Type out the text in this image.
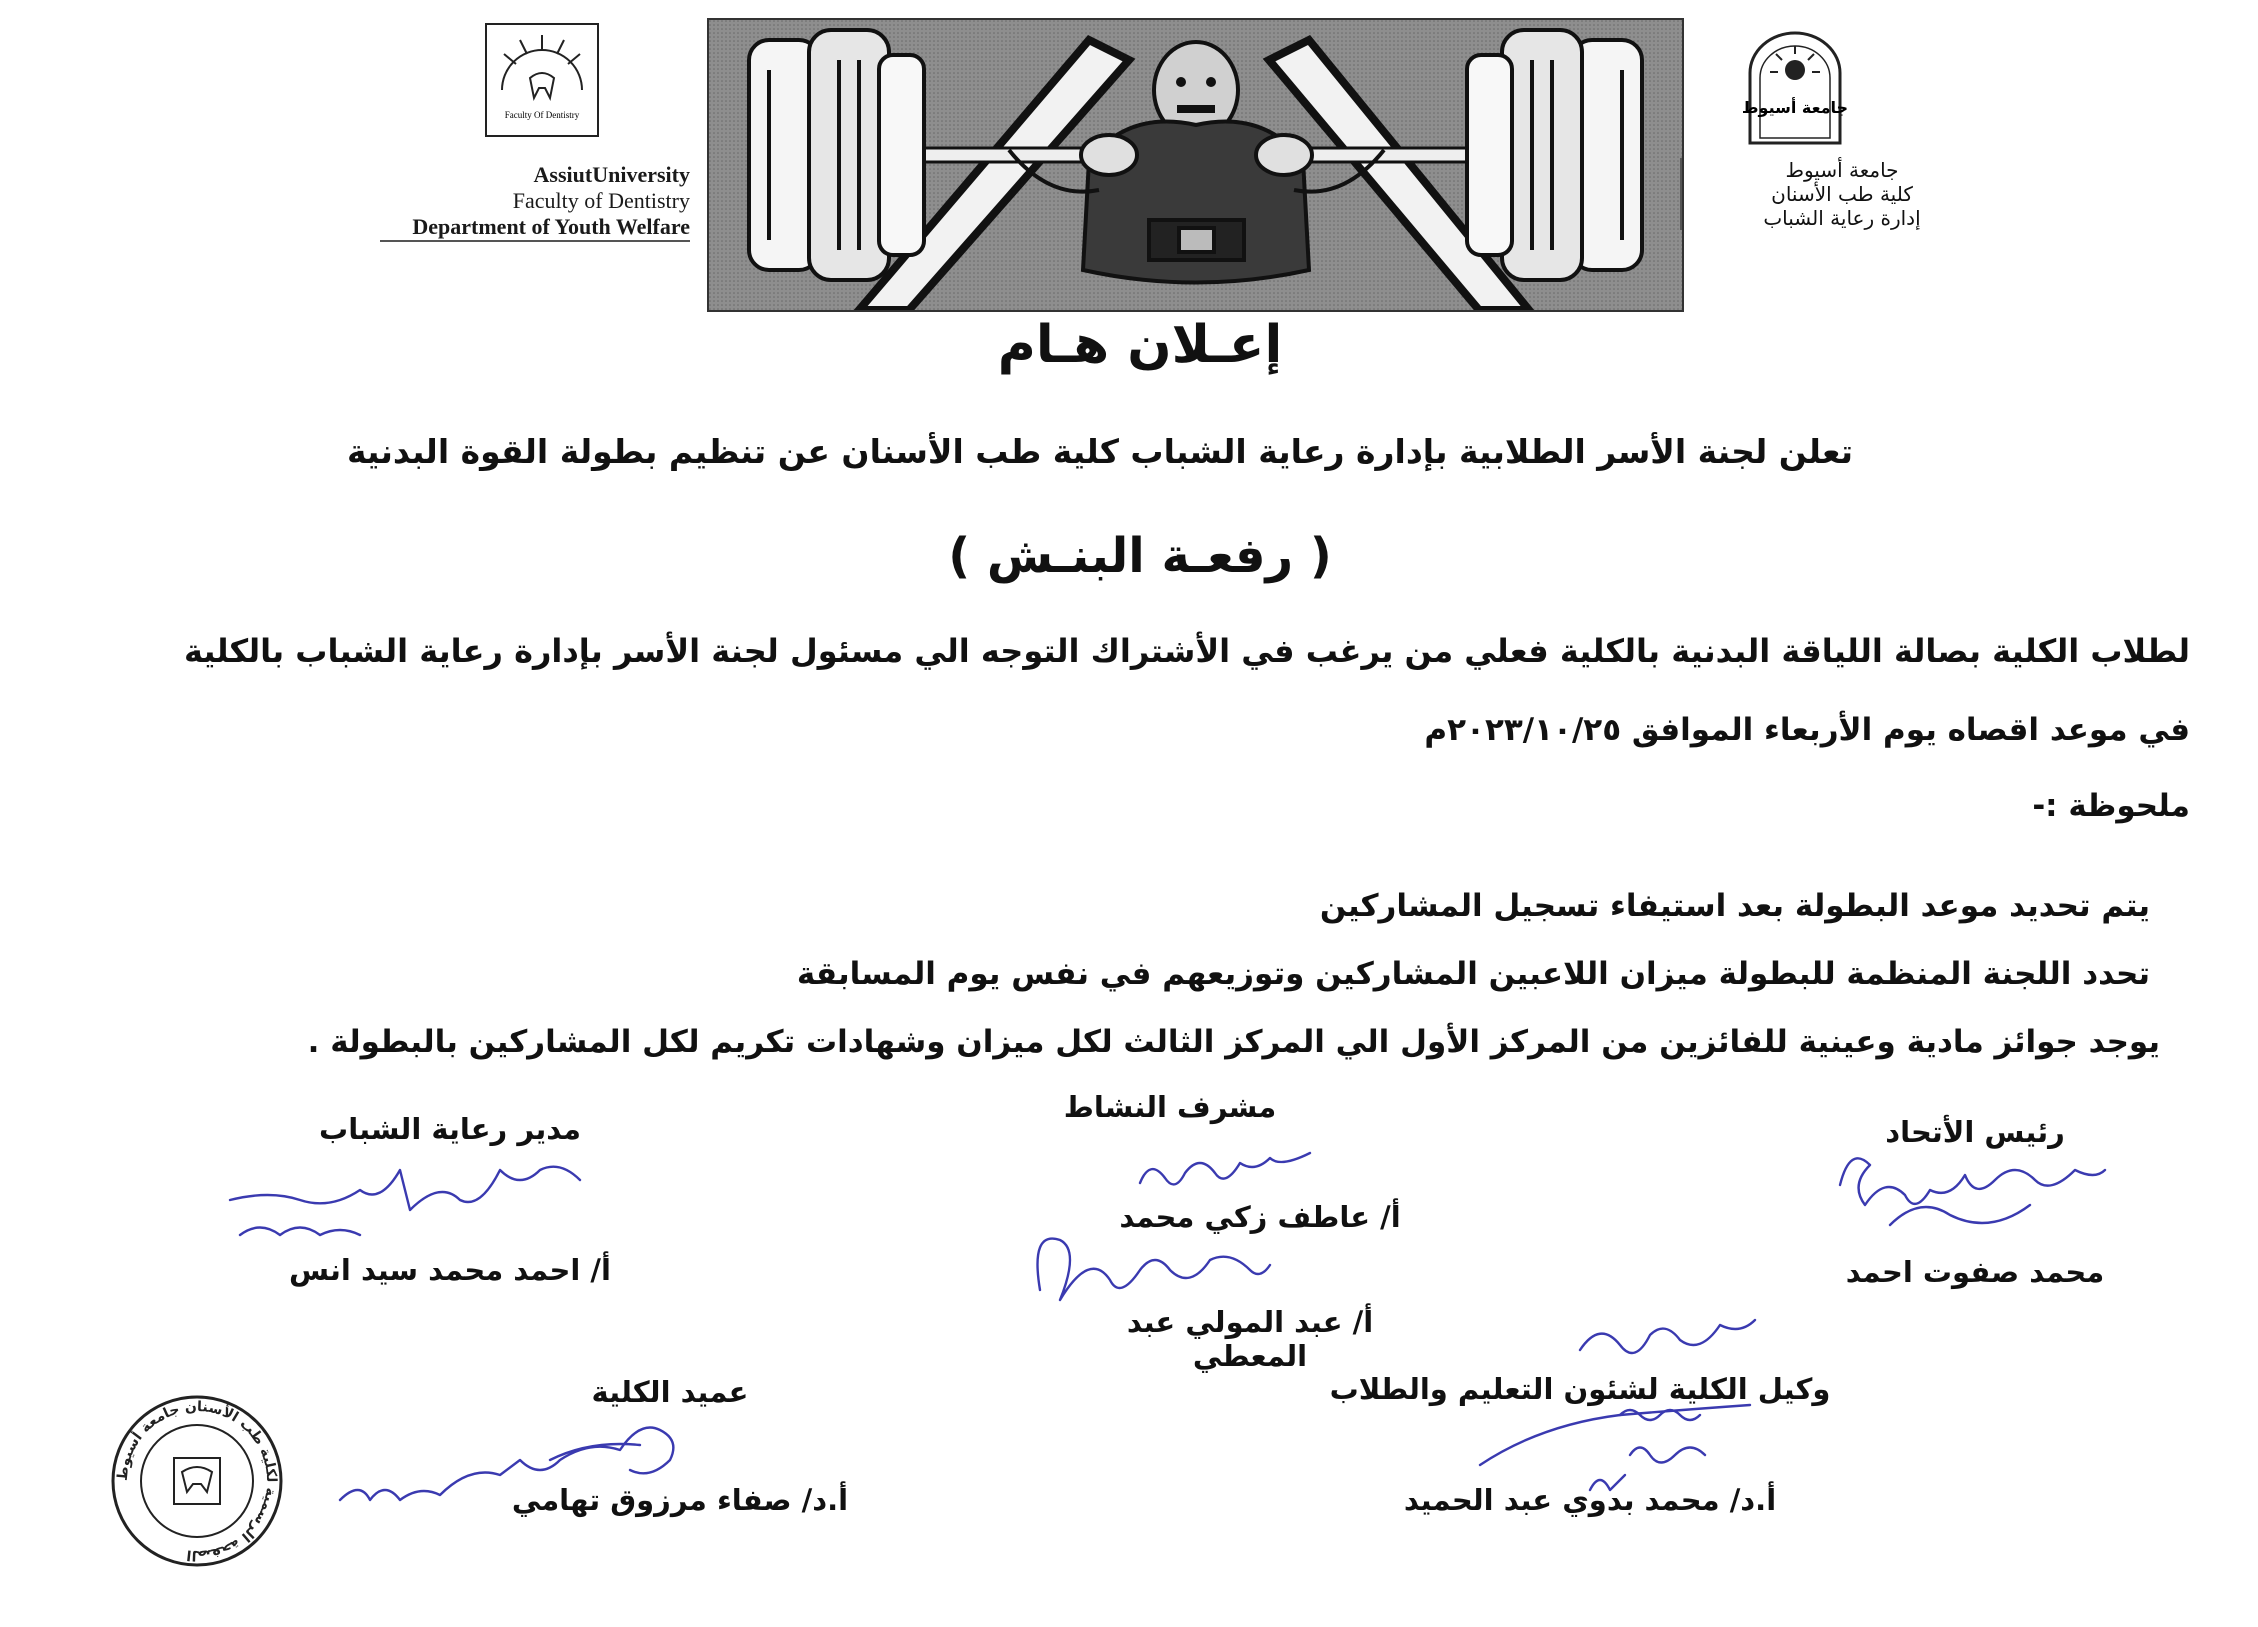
Faculty Of Dentistry
AssiutUniversity
Faculty of Dentistry
Department of Youth Welfare
جامعة أسيوط
جامعة أسيوط
كلية طب الأسنان
إدارة رعاية الشباب
إعـلان هـام
تعلن لجنة الأسر الطلابية بإدارة رعاية الشباب كلية طب الأسنان عن تنظيم بطولة القوة البدنية
( رفعـة البنـش )
لطلاب الكلية بصالة اللياقة البدنية بالكلية فعلي من يرغب في الأشتراك التوجه الي مسئول لجنة الأسر بإدارة رعاية الشباب بالكلية
في موعد اقصاه يوم الأربعاء الموافق ٢٠٢٣/١٠/٢٥م
ملحوظة :-
يتم تحديد موعد البطولة بعد استيفاء تسجيل المشاركين
تحدد اللجنة المنظمة للبطولة ميزان اللاعبين المشاركين وتوزيعهم في نفس يوم المسابقة
يوجد جوائز مادية وعينية للفائزين من المركز الأول الي المركز الثالث لكل ميزان وشهادات تكريم لكل المشاركين بالبطولة .
رئيس الأتحاد
محمد صفوت احمد
مشرف النشاط
أ/ عاطف زكي محمد
أ/ عبد المولي عبد المعطي
مدير رعاية الشباب
أ/ احمد محمد سيد انس
وكيل الكلية لشئون التعليم والطلاب
أ.د/ محمد بدوي عبد الحميد
عميد الكلية
أ.د/ صفاء مرزوق تهامي
الصفحة الرسمية لكلية طب الأسنان جامعة أسيوط
